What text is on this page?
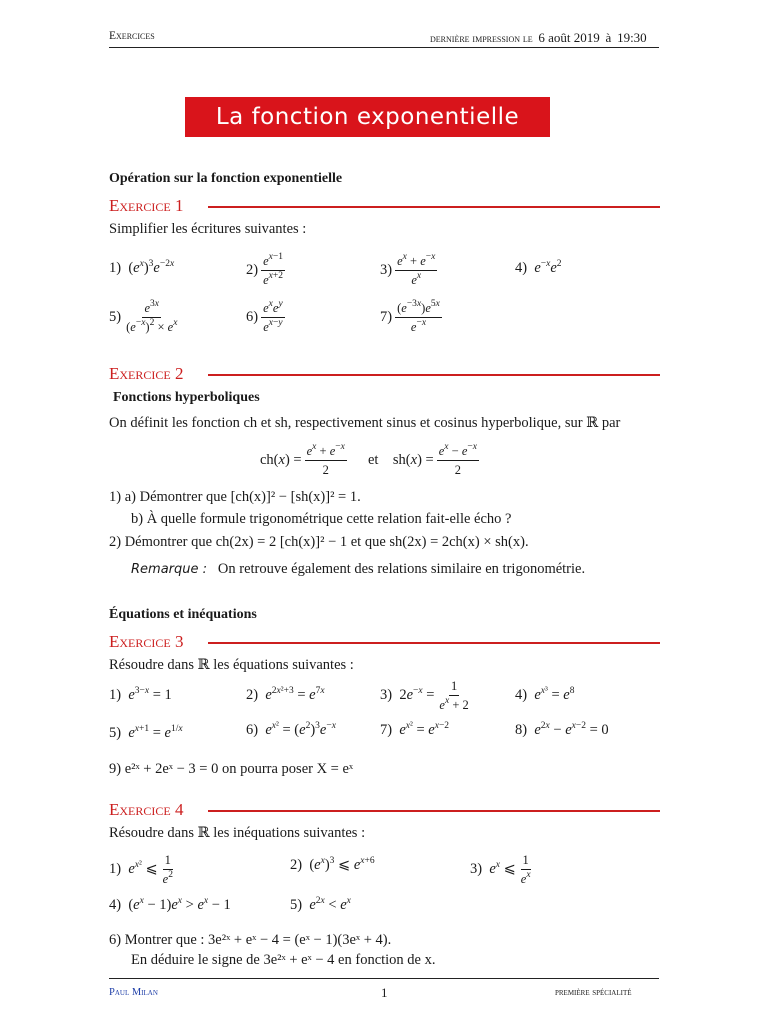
Exercices	dernière impression le 6 août 2019 à 19:30
La fonction exponentielle
Opération sur la fonction exponentielle
Exercice 1
Simplifier les écritures suivantes :
1)  $(e^x)^3e^{-2x}$	$2) \frac{e^{x-1}}{e^{x+2}}$	$3) \frac{e^x + e^{-x}}{e^x}$	4)  $e^{-x}e^2$
$5) \frac{e^{3x}}{(e^{-x})^2 \times e^x}$	$6) \frac{e^xe^y}{e^{x-y}}$	$7) \frac{(e^{-3x})e^{5x}}{e^{-x}}$
Exercice 2
Fonctions hyperboliques
On définit les fonction ch et sh, respectivement sinus et cosinus hyperbolique, sur ℝ par
$ch(x) = \frac{e^x + e^{-x}}{2}$ et    $sh(x) = \frac{e^x - e^{-x}}{2}$
1) a) Démontrer que [ch(x)]² − [sh(x)]² = 1.
b) À quelle formule trigonométrique cette relation fait-elle écho ?
2) Démontrer que ch(2x) = 2 [ch(x)]² − 1 et que sh(2x) = 2ch(x) × sh(x).
Remarque : On retrouve également des relations similaire en trigonométrie.
Équations et inéquations
Exercice 3
Résoudre dans ℝ les équations suivantes :
1)  $e^{3-x} = 1$	2)  $e^{2x^2+3} = e^{7x}$	3)  $2e^{-x} = \frac{1}{e^x + 2}$	4)  $e^{x^3} = e^8$
5)  $e^{x+1} = e^{1/x}$	6)  $e^{x^2} = (e^2)^3e^{-x}$	7)  $e^{x^2} = e^{x-2}$	8)  $e^{2x} - e^{x-2} = 0$
9) e²ˣ + 2eˣ − 3 = 0 on pourra poser X = eˣ
Exercice 4
Résoudre dans ℝ les inéquations suivantes :
1)  $e^{x^2}$ ⩽ $\frac{1}{e^2}$	2)  $(e^x)^3$ ⩽ $e^{x+6}$	3)  $e^x$ ⩽ $\frac{1}{e^x}$
4)  $(e^x - 1)e^x > e^x - 1$	5)  $e^{2x} < e^x$
6) Montrer que : 3e²ˣ + eˣ − 4 = (eˣ − 1)(3eˣ + 4).
En déduire le signe de 3e²ˣ + eˣ − 4 en fonction de x.
Paul Milan	1	première spécialité
